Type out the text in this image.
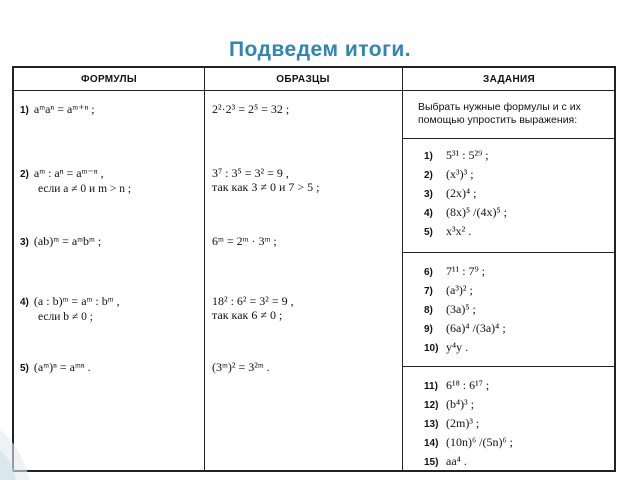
Подведем итоги.
ФОРМУЛЫ	ОБРАЗЦЫ	ЗАДАНИЯ
1) aᵐaⁿ = aᵐ⁺ⁿ ;
2) aᵐ : aⁿ = aᵐ⁻ⁿ ,
если a ≠ 0 и m > n ;
3) (ab)ᵐ = aᵐbᵐ ;
4) (a : b)ᵐ = aᵐ : bᵐ ,
если b ≠ 0 ;
5) (aᵐ)ⁿ = aᵐⁿ .
2²·2³ = 2⁵ = 32 ;
3⁷ : 3⁵ = 3² = 9 ,
так как 3 ≠ 0 и 7 > 5 ;
6ᵐ = 2ᵐ · 3ᵐ ;
18² : 6² = 3² = 9 ,
так как 6 ≠ 0 ;
(3ᵐ)² = 3²ᵐ .
Выбрать нужные формулы и с их помощью упростить выражения:
1) 5³¹ : 5²⁹ ;
2) (x³)³ ;
3) (2x)⁴ ;
4) (8x)⁵ /(4x)⁵ ;
5) x³x² .
6) 7¹¹ : 7⁹ ;
7) (a³)² ;
8) (3a)⁵ ;
9) (6a)⁴ /(3a)⁴ ;
10) y⁴y .
11) 6¹⁸ : 6¹⁷ ;
12) (b⁴)³ ;
13) (2m)³ ;
14) (10n)⁶ /(5n)⁶ ;
15) aa⁴ .
